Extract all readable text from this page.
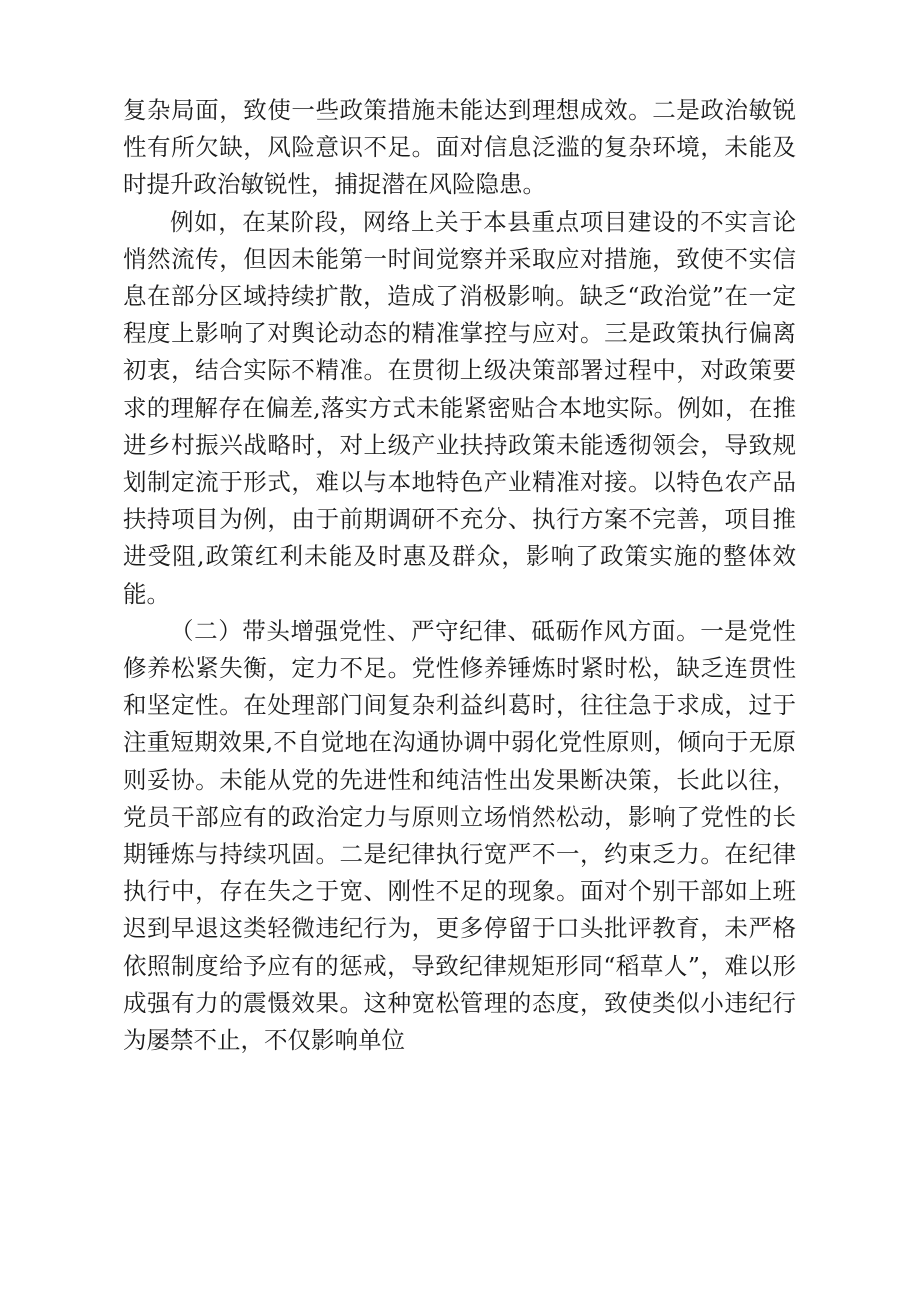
复杂局面，致使一些政策措施未能达到理想成效。二是政治敏锐性有所欠缺，风险意识不足。面对信息泛滥的复杂环境，未能及时提升政治敏锐性，捕捉潜在风险隐患。

例如，在某阶段，网络上关于本县重点项目建设的不实言论悄然流传，但因未能第一时间觉察并采取应对措施，致使不实信息在部分区域持续扩散，造成了消极影响。缺乏“政治觉”在一定程度上影响了对舆论动态的精准掌控与应对。三是政策执行偏离初衷，结合实际不精准。在贯彻上级决策部署过程中，对政策要求的理解存在偏差,落实方式未能紧密贴合本地实际。例如，在推进乡村振兴战略时，对上级产业扶持政策未能透彻领会，导致规划制定流于形式，难以与本地特色产业精准对接。以特色农产品扶持项目为例，由于前期调研不充分、执行方案不完善，项目推进受阻,政策红利未能及时惠及群众，影响了政策实施的整体效能。

（二）带头增强党性、严守纪律、砥砺作风方面。一是党性修养松紧失衡，定力不足。党性修养锤炼时紧时松，缺乏连贯性和坚定性。在处理部门间复杂利益纠葛时，往往急于求成，过于注重短期效果,不自觉地在沟通协调中弱化党性原则，倾向于无原则妥协。未能从党的先进性和纯洁性出发果断决策，长此以往，党员干部应有的政治定力与原则立场悄然松动，影响了党性的长期锤炼与持续巩固。二是纪律执行宽严不一，约束乏力。在纪律执行中，存在失之于宽、刚性不足的现象。面对个别干部如上班迟到早退这类轻微违纪行为，更多停留于口头批评教育，未严格依照制度给予应有的惩戒，导致纪律规矩形同“稻草人”，难以形成强有力的震慑效果。这种宽松管理的态度，致使类似小违纪行为屡禁不止，不仅影响单位
